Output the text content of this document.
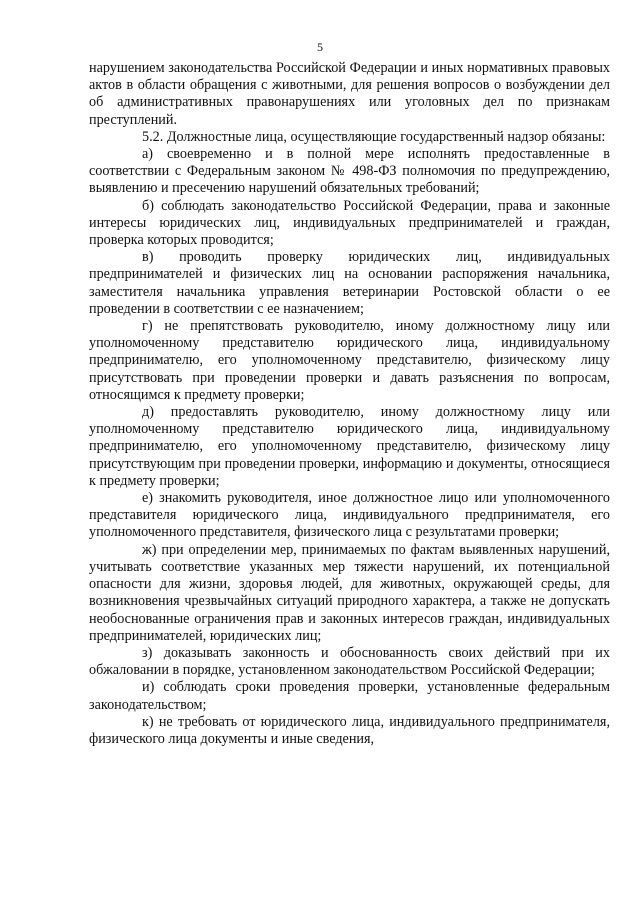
5

нарушением законодательства Российской Федерации и иных нормативных правовых актов в области обращения с животными, для решения вопросов о возбуждении дел об административных правонарушениях или уголовных дел по признакам преступлений.

5.2. Должностные лица, осуществляющие государственный надзор обязаны:

а) своевременно и в полной мере исполнять предоставленные в соответствии с Федеральным законом № 498-ФЗ полномочия по предупреждению, выявлению и пресечению нарушений обязательных требований;

б) соблюдать законодательство Российской Федерации, права и законные интересы юридических лиц, индивидуальных предпринимателей и граждан, проверка которых проводится;

в) проводить проверку юридических лиц, индивидуальных предпринимателей и физических лиц на основании распоряжения начальника, заместителя начальника управления ветеринарии Ростовской области о ее проведении в соответствии с ее назначением;

г) не препятствовать руководителю, иному должностному лицу или уполномоченному представителю юридического лица, индивидуальному предпринимателю, его уполномоченному представителю, физическому лицу присутствовать при проведении проверки и давать разъяснения по вопросам, относящимся к предмету проверки;

д) предоставлять руководителю, иному должностному лицу или уполномоченному представителю юридического лица, индивидуальному предпринимателю, его уполномоченному представителю, физическому лицу присутствующим при проведении проверки, информацию и документы, относящиеся к предмету проверки;

е) знакомить руководителя, иное должностное лицо или уполномоченного представителя юридического лица, индивидуального предпринимателя, его уполномоченного представителя, физического лица с результатами проверки;

ж) при определении мер, принимаемых по фактам выявленных нарушений, учитывать соответствие указанных мер тяжести нарушений, их потенциальной опасности для жизни, здоровья людей, для животных, окружающей среды, для возникновения чрезвычайных ситуаций природного характера, а также не допускать необоснованные ограничения прав и законных интересов граждан, индивидуальных предпринимателей, юридических лиц;

з) доказывать законность и обоснованность своих действий при их обжаловании в порядке, установленном законодательством Российской Федерации;

и) соблюдать сроки проведения проверки, установленные федеральным законодательством;

к) не требовать от юридического лица, индивидуального предпринимателя, физического лица документы и иные сведения,
